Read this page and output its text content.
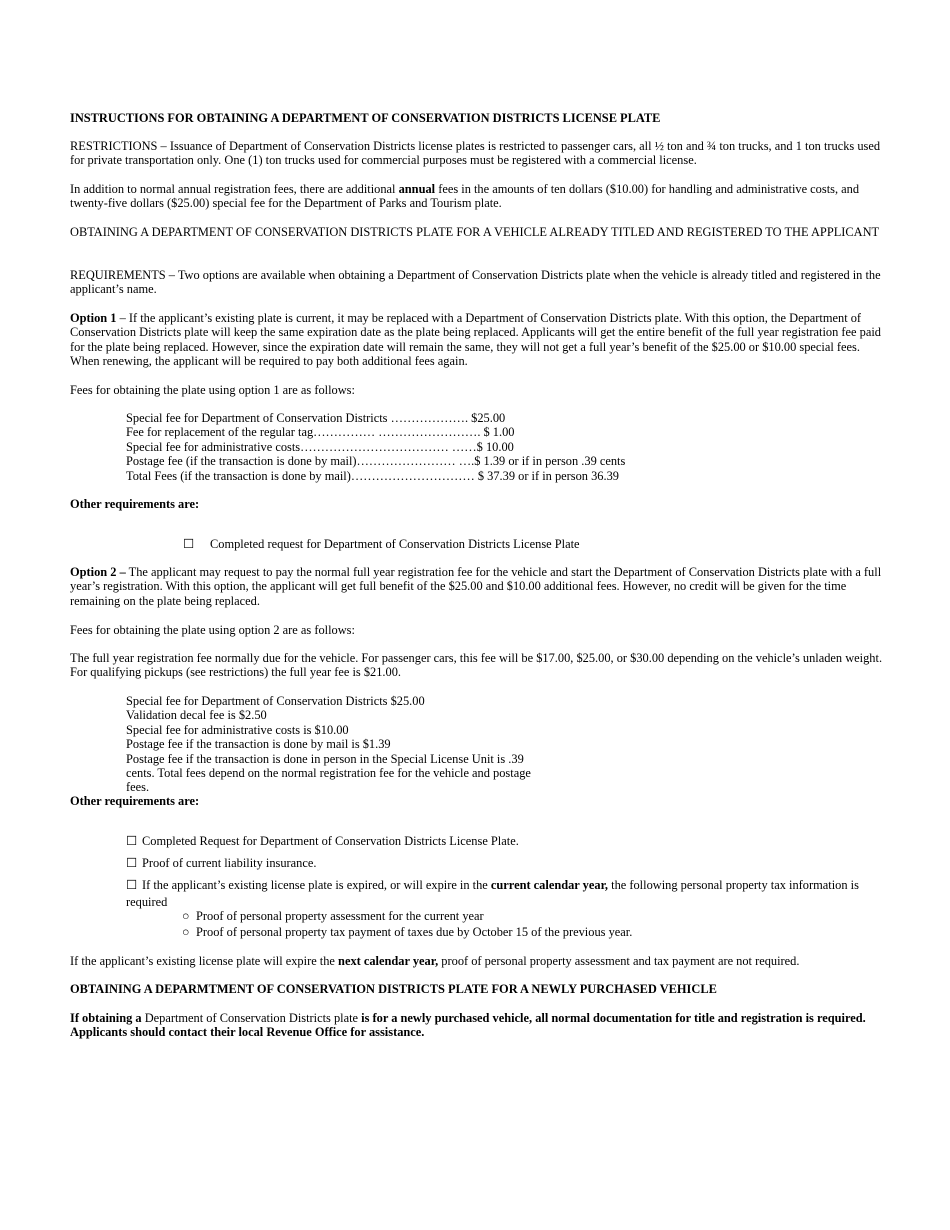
INSTRUCTIONS FOR OBTAINING A DEPARTMENT OF CONSERVATION DISTRICTS LICENSE PLATE

RESTRICTIONS – Issuance of Department of Conservation Districts license plates is restricted to passenger cars, all ½ ton and ¾ ton trucks, and 1 ton trucks used for private transportation only. One (1) ton trucks used for commercial purposes must be registered with a commercial license.

In addition to normal annual registration fees, there are additional annual fees in the amounts of ten dollars ($10.00) for handling and administrative costs, and twenty-five dollars ($25.00) special fee for the Department of Parks and Tourism plate.

OBTAINING A DEPARTMENT OF CONSERVATION DISTRICTS PLATE FOR A VEHICLE ALREADY TITLED AND REGISTERED TO THE APPLICANT

REQUIREMENTS – Two options are available when obtaining a Department of Conservation Districts plate when the vehicle is already titled and registered in the applicant’s name.

Option 1 – If the applicant’s existing plate is current, it may be replaced with a Department of Conservation Districts plate. With this option, the Department of Conservation Districts plate will keep the same expiration date as the plate being replaced. Applicants will get the entire benefit of the full year registration fee paid for the plate being replaced. However, since the expiration date will remain the same, they will not get a full year’s benefit of the $25.00 or $10.00 special fees. When renewing, the applicant will be required to pay both additional fees again.

Fees for obtaining the plate using option 1 are as follows:

Special fee for Department of Conservation Districts ………………. $25.00
Fee for replacement of the regular tag…………… ……………………. $ 1.00
Special fee for administrative costs……………………………… ……$ 10.00
Postage fee (if the transaction is done by mail)…………………… ….$ 1.39 or if in person .39 cents
Total Fees (if the transaction is done by mail)………………………… $ 37.39 or if in person 36.39

Other requirements are:

☐ Completed request for Department of Conservation Districts License Plate

Option 2 – The applicant may request to pay the normal full year registration fee for the vehicle and start the Department of Conservation Districts plate with a full year’s registration. With this option, the applicant will get full benefit of the $25.00 and $10.00 additional fees. However, no credit will be given for the time remaining on the plate being replaced.

Fees for obtaining the plate using option 2 are as follows:

The full year registration fee normally due for the vehicle. For passenger cars, this fee will be $17.00, $25.00, or $30.00 depending on the vehicle’s unladen weight. For qualifying pickups (see restrictions) the full year fee is $21.00.

Special fee for Department of Conservation Districts $25.00
Validation decal fee is $2.50
Special fee for administrative costs is $10.00
Postage fee if the transaction is done by mail is $1.39
Postage fee if the transaction is done in person in the Special License Unit is .39 cents. Total fees depend on the normal registration fee for the vehicle and postage fees.

Other requirements are:

☐ Completed Request for Department of Conservation Districts License Plate.
☐ Proof of current liability insurance.
☐ If the applicant’s existing license plate is expired, or will expire in the current calendar year, the following personal property tax information is required
○ Proof of personal property assessment for the current year
○ Proof of personal property tax payment of taxes due by October 15 of the previous year.

If the applicant’s existing license plate will expire the next calendar year, proof of personal property assessment and tax payment are not required.

OBTAINING A DEPARMTMENT OF CONSERVATION DISTRICTS PLATE FOR A NEWLY PURCHASED VEHICLE

If obtaining a Department of Conservation Districts plate is for a newly purchased vehicle, all normal documentation for title and registration is required. Applicants should contact their local Revenue Office for assistance.
